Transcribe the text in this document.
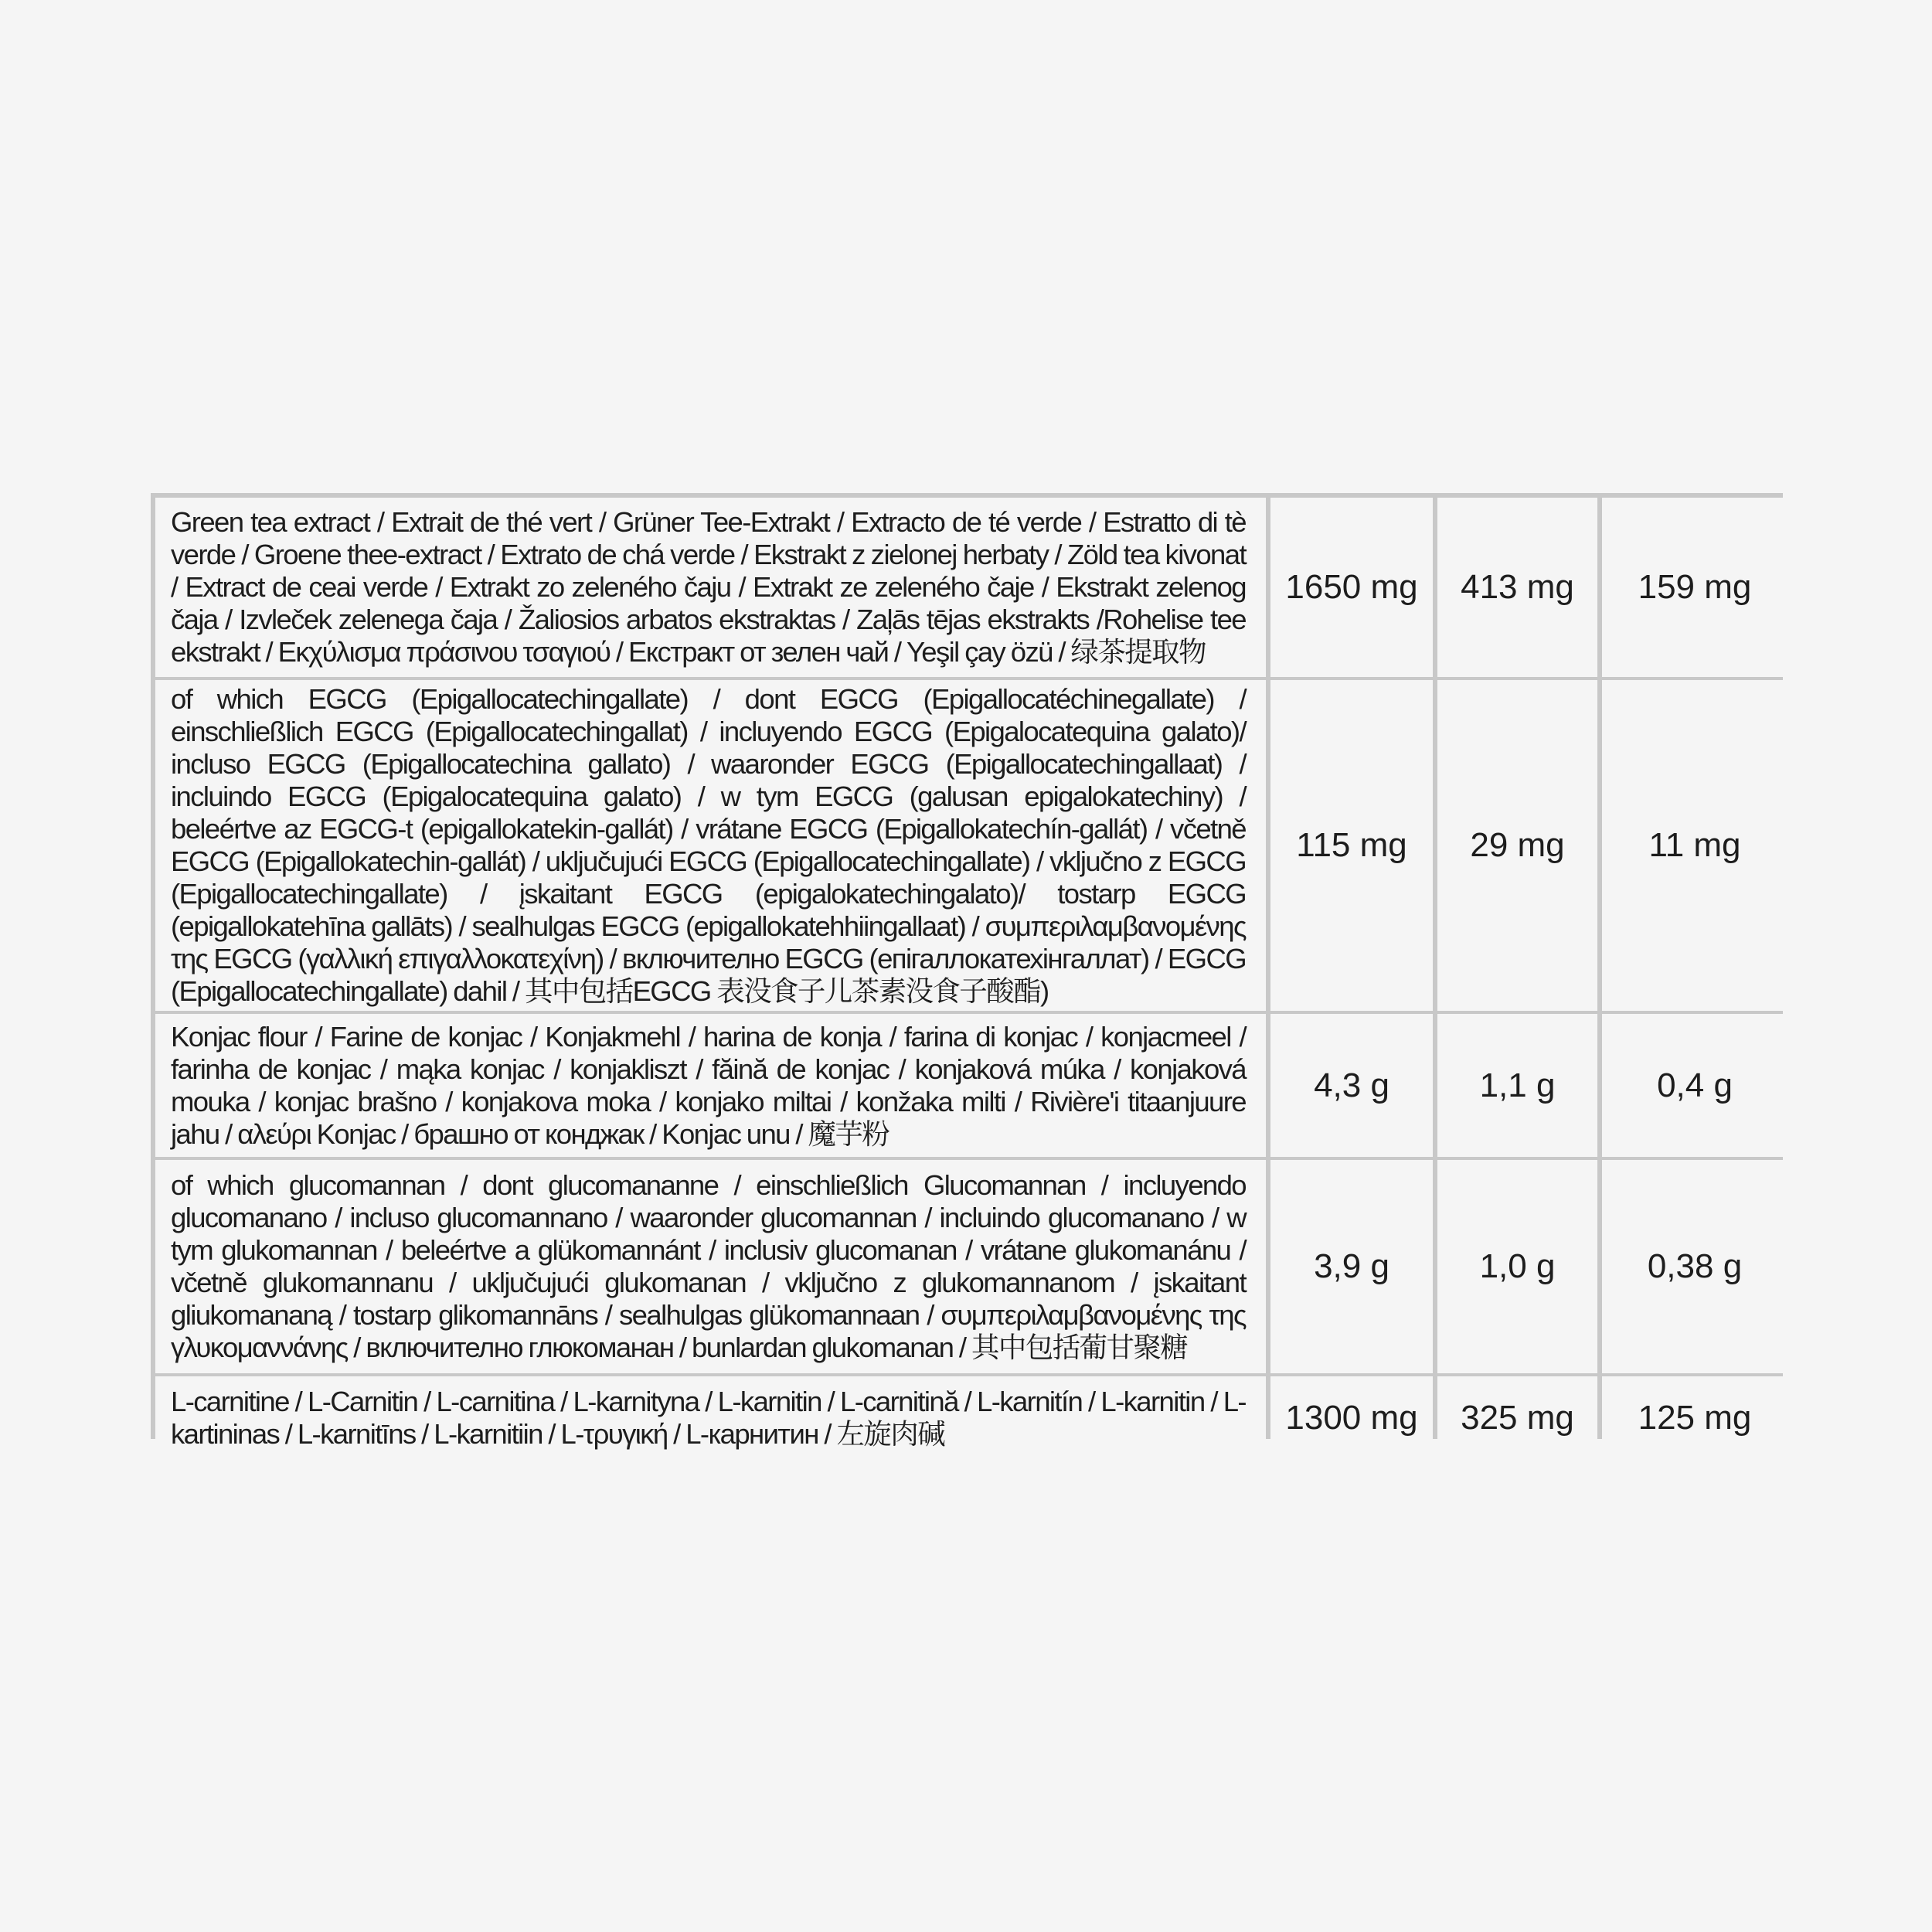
Green tea extract / Extrait de thé vert / Grüner Tee-Extrakt / Extracto de té verde / Estratto di tè verde / Groene thee-extract / Extrato de chá verde / Ekstrakt z zielonej herbaty / Zöld tea kivonat / Extract de ceai verde / Extrakt zo zeleného čaju / Extrakt ze zeleného čaje / Ekstrakt zelenog čaja / Izvleček zelenega čaja / Žaliosios arbatos ekstraktas / Zaļās tējas ekstrakts /Rohelise tee ekstrakt / Εκχύλισμα πράσινου τσαγιού / Екстракт от зелен чай / Yeşil çay özü / 绿茶提取物	1650 mg	413 mg	159 mg
of which EGCG (Epigallocatechingallate) / dont EGCG (Epigallocatéchinegallate) / einschließlich EGCG (Epigallocatechingallat) / incluyendo EGCG (Epigalocatequina galato)/ incluso EGCG (Epigallocatechina gallato) / waaronder EGCG (Epigallocatechingallaat) / incluindo EGCG (Epigalocatequina galato) / w tym EGCG (galusan epigalokatechiny) / beleértve az EGCG-t (epigallokatekin-gallát) / vrátane EGCG (Epigallokatechín-gallát) / včetně EGCG (Epigallokatechin-gallát) / uključujući EGCG (Epigallocatechingallate) / vključno z EGCG (Epigallocatechingallate) / įskaitant EGCG (epigalokatechingalato)/ tostarp EGCG (epigallokatehīna gallāts) / sealhulgas EGCG (epigallokatehhiingallaat) / συμπεριλαμβανομένης της EGCG (γαλλική επιγαλλοκατεχίνη) / включително EGCG (епігаллокатехінгаллат) / EGCG (Epigallocatechingallate) dahil / 其中包括EGCG 表没食子儿茶素没食子酸酯)	115 mg	29 mg	11 mg
Konjac flour / Farine de konjac / Konjakmehl / harina de konja / farina di konjac / konjacmeel / farinha de konjac / mąka konjac / konjakliszt / făină de konjac / konjaková múka / konjaková mouka / konjac brašno / konjakova moka / konjako miltai / konžaka milti / Rivière'i titaanjuure jahu / αλεύρι Konjac / брашно от конджак / Konjac unu / 魔芋粉	4,3 g	1,1 g	0,4 g
of which glucomannan / dont glucomananne / einschließlich Glucomannan / incluyendo glucomanano / incluso glucomannano / waaronder glucomannan / incluindo glucomanano / w tym glukomannan / beleértve a glükomannánt / inclusiv glucomanan / vrátane glukomanánu / včetně glukomannanu / uključujući glukomanan / vključno z glukomannanom / įskaitant gliukomananą / tostarp glikomannāns / sealhulgas glükomannaan / συμπεριλαμβανομένης της γλυκομαννάνης / включително глюкоманан / bunlardan glukomanan / 其中包括葡甘聚糖	3,9 g	1,0 g	0,38 g
L-carnitine / L-Carnitin / L-carnitina / L-karnityna / L-karnitin / L-carnitină / L-karnitín / L-karnitin / L-kartininas / L-karnitīns / L-karnitiin / L-τρυγική / L-карнитин / 左旋肉碱	1300 mg	325 mg	125 mg
